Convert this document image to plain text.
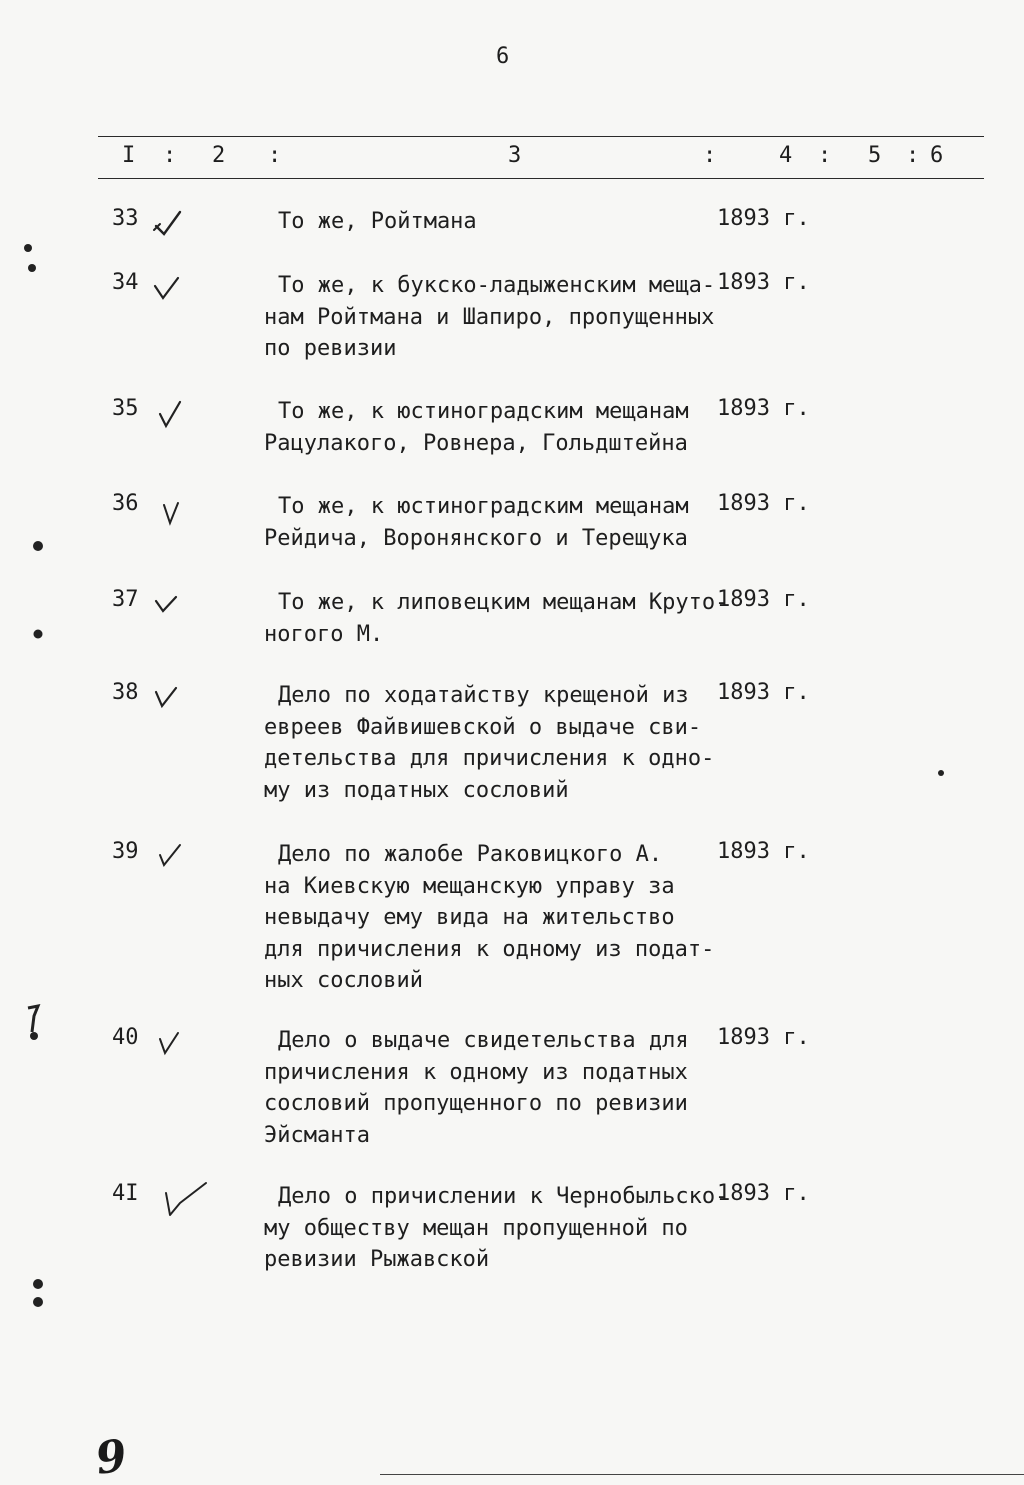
6
I : 2 :	3	:	4 : 5 : 6
33	То же, Ройтмана	1893 г.
34	То же, к букско-ладыженским меща-
нам Ройтмана и Шапиро, пропущенных
по ревизии
1893 г.
35	То же, к юстиноградским мещанам
Рацулакого, Ровнера, Гольдштейна
1893 г.
36	То же, к юстиноградским мещанам
Рейдича, Воронянского и Терещука
1893 г.
37	То же, к липовецким мещанам Круто-
ногого М.
1893 г.
38	Дело по ходатайству крещеной из
евреев Файвишевской о выдаче сви-
детельства для причисления к одно-
му из податных сословий
1893 г.
39	Дело по жалобе Раковицкого А.
на Киевскую мещанскую управу за
невыдачу ему вида на жительство
для причисления к одному из подат-
ных сословий
1893 г.
40	Дело о выдаче свидетельства для
причисления к одному из податных
сословий пропущенного по ревизии
Эйсманта
1893 г.
4I	Дело о причислении к Чернобыльско-
му обществу мещан пропущенной по
ревизии Рыжавской
1893 г.
9
